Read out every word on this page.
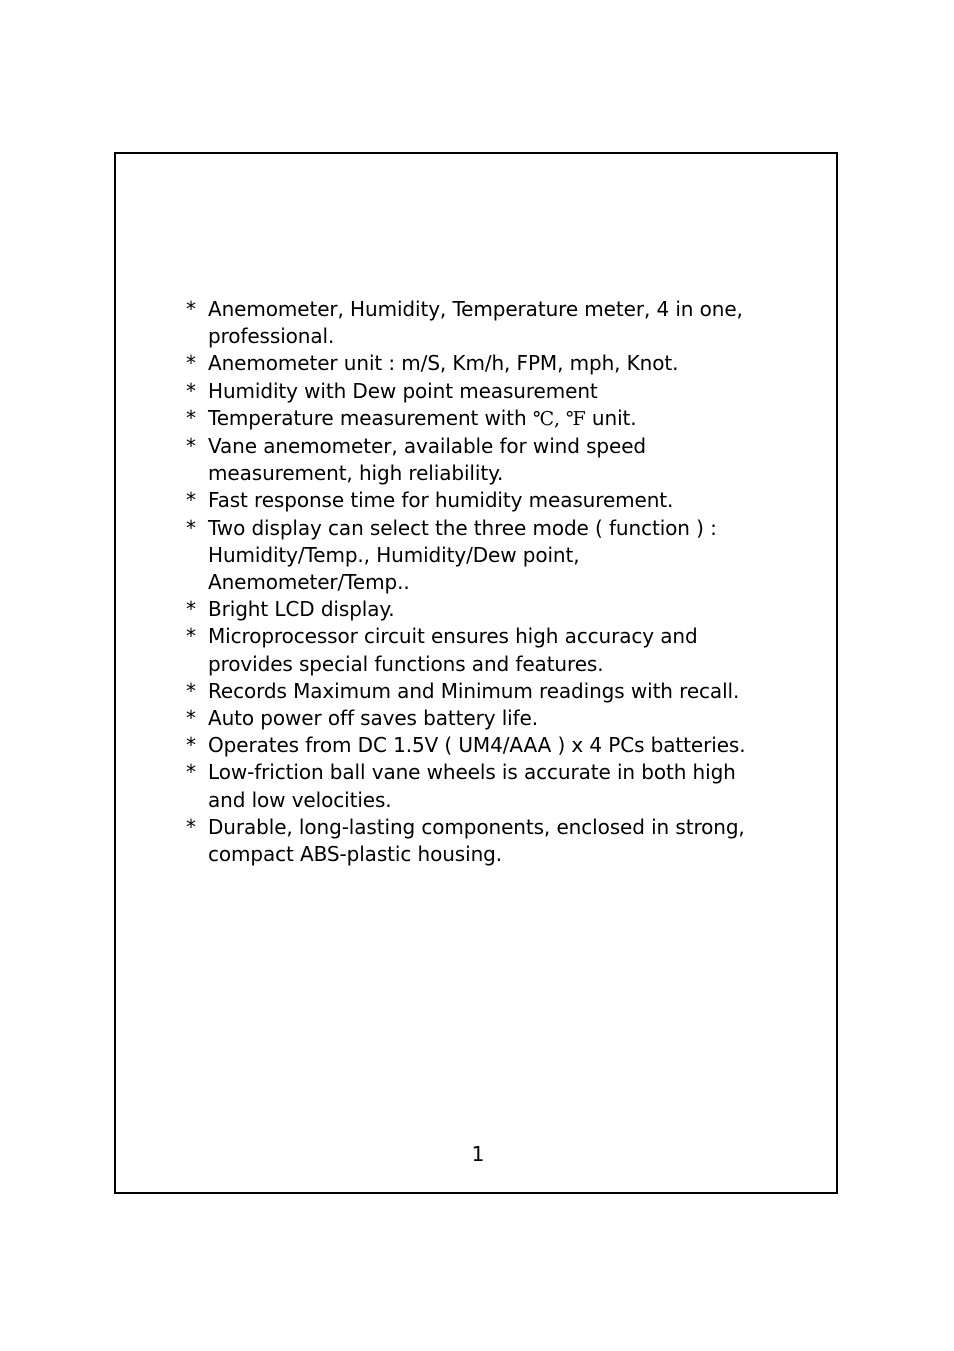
* Anemometer, Humidity, Temperature meter, 4 in one,
professional.
* Anemometer unit : m/S, Km/h, FPM, mph, Knot.
* Humidity with Dew point measurement
* Temperature measurement with ℃, ℉ unit.
* Vane anemometer, available for wind speed
measurement, high reliability.
* Fast response time for humidity measurement.
* Two display can select the three mode ( function ) :
Humidity/Temp., Humidity/Dew point,
Anemometer/Temp..
* Bright LCD display.
* Microprocessor circuit ensures high accuracy and
provides special functions and features.
* Records Maximum and Minimum readings with recall.
* Auto power off saves battery life.
* Operates from DC 1.5V ( UM4/AAA ) x 4 PCs batteries.
* Low-friction ball vane wheels is accurate in both high
and low velocities.
* Durable, long-lasting components, enclosed in strong,
compact ABS-plastic housing.
1
